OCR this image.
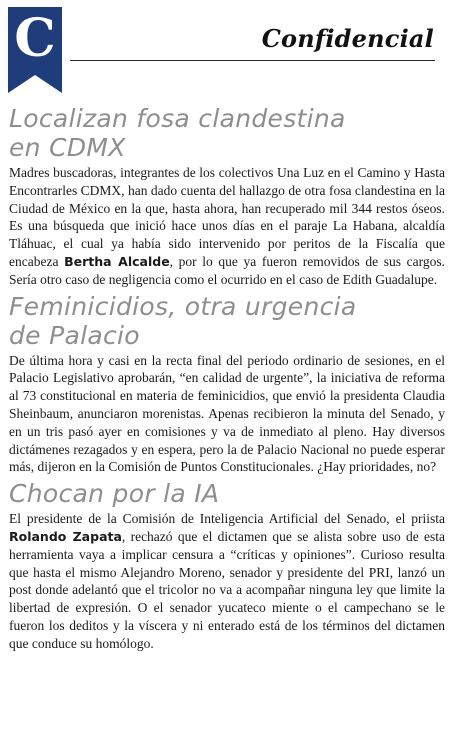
C	Confidencial
Localizan fosa clandestina
en CDMX

Madres buscadoras, integrantes de los colectivos Una Luz en el Camino y Hasta Encontrarles CDMX, han dado cuenta del hallazgo de otra fosa clandestina en la Ciudad de México en la que, hasta ahora, han recuperado mil 344 restos óseos. Es una búsqueda que inició hace unos días en el paraje La Habana, alcaldía Tláhuac, el cual ya había sido intervenido por peritos de la Fiscalía que encabeza Bertha Alcalde, por lo que ya fueron removidos de sus cargos. Sería otro caso de negligencia como el ocurrido en el caso de Edith Guadalupe.

Feminicidios, otra urgencia
de Palacio

De última hora y casi en la recta final del periodo ordinario de sesiones, en el Palacio Legislativo aprobarán, “en calidad de urgente”, la iniciativa de reforma al 73 constitucional en materia de feminicidios, que envió la presidenta Claudia Sheinbaum, anunciaron morenistas. Apenas recibieron la minuta del Senado, y en un tris pasó ayer en comisiones y va de inmediato al pleno. Hay diversos dictámenes rezagados y en espera, pero la de Palacio Nacional no puede esperar más, dijeron en la Comisión de Puntos Constitucionales. ¿Hay prioridades, no?

Chocan por la IA

El presidente de la Comisión de Inteligencia Artificial del Senado, el priista Rolando Zapata, rechazó que el dictamen que se alista sobre uso de esta herramienta vaya a implicar censura a “críticas y opiniones”. Curioso resulta que hasta el mismo Alejandro Moreno, senador y presidente del PRI, lanzó un post donde adelantó que el tricolor no va a acompañar ninguna ley que limite la libertad de expresión. O el senador yucateco miente o el campechano se le fueron los deditos y la víscera y ni enterado está de los términos del dictamen que conduce su homólogo.
